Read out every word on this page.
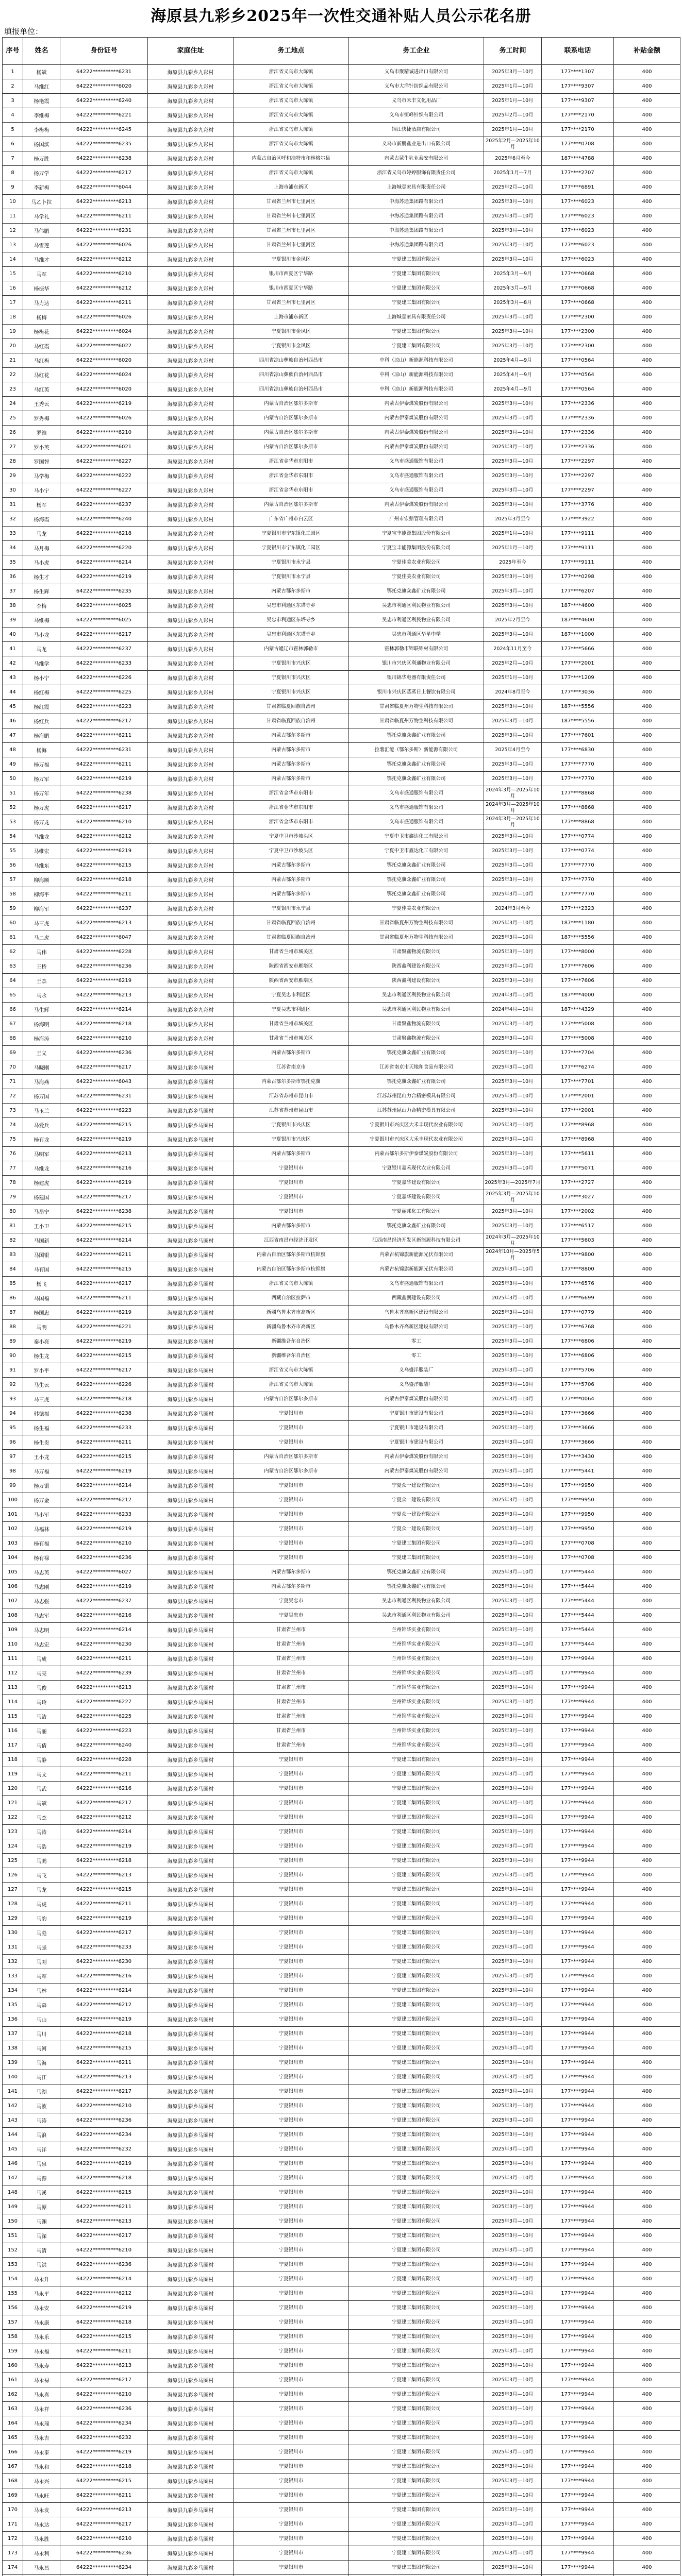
海原县九彩乡2025年一次性交通补贴人员公示花名册
填报单位：
序号	姓名	身份证号	家庭住址	务工地点	务工企业	务工时间	联系电话	补贴金额
1	杨斌	64222**********6231	海原县九彩乡九彩村	浙江省义乌市大陈镇	义乌市聚精诚进出口有限公司	2025年3月—10月	177****1307	400
2	马维红	64222**********6020	海原县九彩乡九彩村	浙江省义乌市大陈镇	义乌市大洋针纺织品有限公司	2025年1月—10月	177****9307	400
3	杨艳霞	64222**********6240	海原县九彩乡九彩村	浙江省义乌市大陈镇	义乌市禾丰文化用品厂	2025年1月—10月	177****9307	400
4	李维梅	64222**********6221	海原县九彩乡九彩村	浙江省义乌市大陈镇	义乌市恒峰针织有限公司	2025年2月—10月	177****2170	400
5	李梅梅	64222**********6245	海原县九彩乡九彩村	浙江省义乌市大陈镇	锦江快捷酒店有限公司	2025年1月—10月	177****2170	400
6	杨国滨	64222**********6235	海原县九彩乡九彩村	浙江省义乌市大陈镇	义乌市新鹏鑫业进出口有限公司	2025年2月—2025年10月	177****0708	400
7	杨万胜	64222**********6238	海原县九彩乡九彩村	内蒙古自治区呼和浩特市和林格尔县	内蒙古蒙牛乳业泰安有限公司	2025年6月至今	187****4788	400
8	杨万学	64222**********6217	海原县九彩乡九彩村	浙江省义乌市大陈镇	浙江省义乌市婷婷服饰有限责任公司	2025年1月—7月	177****2707	400
9	李新梅	64222**********6044	海原县九彩乡九彩村	上海市浦东新区	上海城壹家具有限责任公司	2025年2月—10月	177****6891	400
10	马乙卜拉	64222**********6213	海原县九彩乡九彩村	甘肃省兰州市七里河区	中海苏通集团路有限公司	2025年3月—10月	177****6023	400
11	马学礼	64222**********6211	海原县九彩乡九彩村	甘肃省兰州市七里河区	中海苏通集团路有限公司	2025年3月—10月	177****6023	400
12	马伟鹏	64222**********6231	海原县九彩乡九彩村	甘肃省兰州市七里河区	中海苏通集团路有限公司	2025年3月—10月	177****6023	400
13	马雪莲	64222**********6026	海原县九彩乡九彩村	甘肃省兰州市七里河区	中海苏通集团路有限公司	2025年3月—10月	177****6023	400
14	马维才	64222**********6212	海原县九彩乡九彩村	宁夏银川市金凤区	宁夏建工集团有限公司	2025年3月—10月	177****6023	400
15	马军	64222**********6210	海原县九彩乡九彩村	银川市西夏区宁华路	宁夏建工集团有限公司	2025年3月—9月	177****0668	400
16	杨振华	64222**********6212	海原县九彩乡九彩村	银川市西夏区宁华路	宁夏建工集团有限公司	2025年3月—9月	177****0668	400
17	马力达	64222**********6211	海原县九彩乡九彩村	甘肃省兰州市七里河区	宁夏建工集团有限公司	2025年3月—8月	177****0668	400
18	杨梅	64222**********6026	海原县九彩乡九彩村	上海市浦东新区	上海城壹家具有限责任公司	2025年3月—10月	177****2300	400
19	杨梅花	64222**********6024	海原县九彩乡九彩村	宁夏银川市金凤区	宁夏建工集团有限公司	2025年3月—10月	177****2300	400
20	马红霞	64222**********6022	海原县九彩乡九彩村	宁夏银川市金凤区	宁夏建工集团有限公司	2025年3月—10月	177****2300	400
21	马红梅	64222**********6020	海原县九彩乡九彩村	四川省凉山彝族自治州西昌市	中科（凉山）新能源科技有限公司	2025年4月—9月	177****0564	400
22	马红花	64222**********6024	海原县九彩乡九彩村	四川省凉山彝族自治州西昌市	中科（凉山）新能源科技有限公司	2025年4月—9月	177****0564	400
23	马红英	64222**********6020	海原县九彩乡九彩村	四川省凉山彝族自治州西昌市	中科（凉山）新能源科技有限公司	2025年4月—9月	177****0564	400
24	王秀云	64222**********6219	海原县九彩乡九彩村	内蒙古自治区鄂尔多斯市	内蒙古伊泰煤炭股份有限公司	2025年3月—10月	177****2336	400
25	罗秀梅	64222**********6026	海原县九彩乡九彩村	内蒙古自治区鄂尔多斯市	内蒙古伊泰煤炭股份有限公司	2025年3月—10月	177****2336	400
26	罗维	64222**********6210	海原县九彩乡九彩村	内蒙古自治区鄂尔多斯市	内蒙古伊泰煤炭股份有限公司	2025年3月—10月	177****2336	400
27	罗小英	64222**********6021	海原县九彩乡九彩村	内蒙古自治区鄂尔多斯市	内蒙古伊泰煤炭股份有限公司	2025年3月—10月	177****2336	400
28	罗国智	64222**********6227	海原县九彩乡九彩村	浙江省金华市东阳市	义乌市盛通服饰有限公司	2025年3月—10月	177****2297	400
29	马学梅	64222**********6222	海原县九彩乡九彩村	浙江省金华市东阳市	义乌市盛通服饰有限公司	2025年3月—10月	177****2297	400
30	马小宁	64222**********6227	海原县九彩乡九彩村	浙江省金华市东阳市	义乌市盛通服饰有限公司	2025年3月—10月	177****2297	400
31	杨军	64222**********6237	海原县九彩乡九彩村	内蒙古自治区鄂尔多斯市	内蒙古伊泰煤炭股份有限公司	2025年3月—10月	177****3776	400
32	杨海霞	64222**********6240	海原县九彩乡九彩村	广东省广州市白云区	广州市宏鼎管理有限公司	2025年3月至今	177****3922	400
33	马龙	64222**********6218	海原县九彩乡九彩村	宁夏银川市宁东镇化工园区	宁夏宝丰能源集团股份有限公司	2025年1月—10月	177****9111	400
34	马月梅	64222**********6220	海原县九彩乡九彩村	宁夏银川市宁东镇化工园区	宁夏宝丰能源集团股份有限公司	2025年1月—10月	177****9111	400
35	马小虎	64222**********6214	海原县九彩乡九彩村	宁夏银川市永宁县	宁夏佳美农业有限公司	2025年至今	177****9111	400
36	杨生才	64222**********6219	海原县九彩乡九彩村	宁夏银川市永宁县	宁夏佳美农业有限公司	2025年3月—10月	177****0298	400
37	杨生辉	64222**********6235	海原县九彩乡九彩村	内蒙古鄂尔多斯市	鄂托克旗众鑫矿业有限公司	2025年3月—10月	177****6207	400
38	李梅	64222**********6025	海原县九彩乡九彩村	吴忠市利通区东塔寺乡	吴忠市利通区利民物业有限公司	2025年3月—10月	187****4600	400
39	马维梅	64222**********6025	海原县九彩乡九彩村	吴忠市利通区东塔寺乡	吴忠市利通区利民物业有限公司	2025年2月至今	187****4600	400
40	马小龙	64222**********6217	海原县九彩乡九彩村	吴忠市利通区东塔寺乡	吴忠市利通区华星中学	2025年3月—10月	187****1000	400
41	马龙	64222**********6237	海原县九彩乡九彩村	内蒙古通辽市霍林郭勒市	霍林郭勒市锦联铝材有限公司	2024年11月至今	177****5666	400
42	马维学	64222**********6233	海原县九彩乡九彩村	宁夏银川市兴庆区	银川市兴庆区利通物业有限公司	2025年2月—10月	177****2001	400
43	杨小宁	64222**********6226	海原县九彩乡九彩村	宁夏银川市兴庆区	银川锦华电器有限责任公司	2025年1月—10月	177****1209	400
44	杨红梅	64222**********6225	海原县九彩乡九彩村	宁夏银川市兴庆区	银川市兴庆区蒸蒸日上餐饮有限公司	2024年8月至今	177****3036	400
45	杨红霞	64222**********6223	海原县九彩乡九彩村	甘肃省临夏回族自治州	甘肃省临夏州万物生科技有限公司	2025年3月—10月	187****5556	400
46	杨红兵	64222**********6217	海原县九彩乡九彩村	甘肃省临夏回族自治州	甘肃省临夏州万物生科技有限公司	2025年3月—10月	187****5556	400
47	杨海鹏	64222**********6211	海原县九彩乡九彩村	内蒙古鄂尔多斯市	鄂托克旗众鑫矿业有限公司	2025年3月—10月	177****7601	400
48	杨海	64222**********6231	海原县九彩乡九彩村	内蒙古鄂尔多斯市	拉薯汇能（鄂尔多斯）新能源有限公司	2025年4月至今	177****6830	400
49	杨万福	64222**********6211	海原县九彩乡九彩村	内蒙古鄂尔多斯市	鄂托克旗众鑫矿业有限公司	2025年3月—10月	177****7770	400
50	杨万军	64222**********6219	海原县九彩乡九彩村	内蒙古鄂尔多斯市	鄂托克旗众鑫矿业有限公司	2025年3月—10月	177****7770	400
51	杨万年	64222**********6238	海原县九彩乡九彩村	浙江省金华市东阳市	义乌市盛通服饰有限公司	2024年3月—2025年10月	177****8868	400
52	杨万虎	64222**********6217	海原县九彩乡九彩村	浙江省金华市东阳市	义乌市盛通服饰有限公司	2024年3月—2025年10月	177****8868	400
53	杨万龙	64222**********6210	海原县九彩乡九彩村	浙江省金华市东阳市	义乌市盛通服饰有限公司	2024年3月—2025年10月	177****8868	400
54	马维龙	64222**********6212	海原县九彩乡九彩村	宁夏中卫市沙坡头区	宁夏中卫市鑫达化工有限公司	2025年3月—10月	177****0774	400
55	马维宏	64222**********6219	海原县九彩乡九彩村	宁夏中卫市沙坡头区	宁夏中卫市鑫达化工有限公司	2025年3月—10月	177****0774	400
56	马维东	64222**********6215	海原县九彩乡九彩村	内蒙古鄂尔多斯市	鄂托克旗众鑫矿业有限公司	2025年3月—10月	177****7770	400
57	柳海顺	64222**********6218	海原县九彩乡九彩村	内蒙古鄂尔多斯市	鄂托克旗众鑫矿业有限公司	2025年3月—10月	177****7770	400
58	柳海平	64222**********6211	海原县九彩乡九彩村	内蒙古鄂尔多斯市	鄂托克旗众鑫矿业有限公司	2025年3月—10月	177****7770	400
59	柳海军	64222**********6237	海原县九彩乡九彩村	宁夏银川市永宁县	宁夏佳美农业有限公司	2024年3月至今	177****2323	400
60	马三虎	64222**********6213	海原县九彩乡九彩村	甘肃省临夏回族自治州	甘肃省临夏州万物生科技有限公司	2025年3月—10月	187****1180	400
61	马二虎	64222**********6047	海原县九彩乡九彩村	甘肃省临夏回族自治州	甘肃省临夏州万物生科技有限公司	2025年3月—10月	187****5556	400
62	马伟	64222**********6228	海原县九彩乡九彩村	甘肃省兰州市城关区	甘肃聚鑫物流有限公司	2025年3月—10月	177****8000	400
63	王桥	64222**********6236	海原县九彩乡九彩村	陕西省西安市雁塔区	陕西鑫利建设有限公司	2025年3月—10月	177****7606	400
64	王杰	64222**********6219	海原县九彩乡九彩村	陕西省西安市雁塔区	陕西鑫利建设有限公司	2025年3月—10月	177****7606	400
65	马永	64222**********6213	海原县九彩乡九彩村	宁夏吴忠市利通区	吴忠市利通区利民物业有限公司	2024年3月—10月	187****4000	400
66	马生辉	64222**********6214	海原县九彩乡九彩村	宁夏吴忠市利通区	吴忠市利通区利民物业有限公司	2024年4月—10月	187****4329	400
67	杨海明	64222**********6218	海原县九彩乡九彩村	甘肃省兰州市城关区	甘肃聚鑫物流有限公司	2025年3月—10月	177****5008	400
68	杨海涛	64222**********6210	海原县九彩乡九彩村	甘肃省兰州市城关区	甘肃聚鑫物流有限公司	2025年3月—10月	177****5008	400
69	王义	64222**********6236	海原县九彩乡九彩村	内蒙古鄂尔多斯市	鄂托克旗众鑫矿业有限公司	2025年3月—10月	177****7704	400
70	马晓刚	64222**********6217	海原县九彩乡马圈村	江苏省南京市	江苏省南京市天地和食品有限公司	2025年3月—10月	177****6274	400
71	马海燕	64222**********6043	海原县九彩乡马圈村	内蒙古鄂尔多斯市鄂托克旗	鄂托克旗众鑫矿业有限公司	2025年3月—10月	177****7701	400
72	杨万国	64222**********6231	海原县九彩乡马圈村	江苏省苏州市昆山市	江苏苏州昆山力合精密模具有限公司	2025年3月—10月	177****2001	400
73	马玉兰	64222**********6223	海原县九彩乡马圈村	江苏省苏州市昆山市	江苏苏州昆山力合精密模具有限公司	2025年3月—10月	177****2001	400
74	马爱兵	64222**********6215	海原县九彩乡马圈村	宁夏银川市兴庆区	宁夏银川市兴庆区大禾丰现代农业有限公司	2025年3月—10月	177****8968	400
75	杨有龙	64222**********6219	海原县九彩乡马圈村	宁夏银川市兴庆区	宁夏银川市兴庆区大禾丰现代农业有限公司	2025年3月—10月	177****8968	400
76	马明军	64222**********6213	海原县九彩乡马圈村	内蒙古鄂尔多斯市	内蒙古鄂尔多斯伊泰煤炭股份有限公司	2025年3月—10月	177****5611	400
77	马维龙	64222**********6216	海原县九彩乡马圈村	宁夏银川市	宁夏银川嘉禾现代农业有限公司	2025年3月—10月	177****5071	400
78	杨建虎	64222**********6219	海原县九彩乡马圈村	宁夏银川市	宁夏嘉华建设有限公司	2025年3月—2025年7月	177****2727	400
79	杨建国	64222**********6217	海原县九彩乡马圈村	宁夏银川市	宁夏嘉华建设有限公司	2025年3月—2025年10月	177****3027	400
80	马昂宁	64222**********6238	海原县九彩乡马圈村	宁夏银川市	宁夏丽邦化工有限公司	2025年3月—10月	177****2002	400
81	王小卫	64222**********6215	海原县九彩乡马圈村	内蒙古鄂尔多斯市	鄂托克旗众鑫矿业有限公司	2025年3月—10月	177****6517	400
82	马国新	64222**********6214	海原县九彩乡马圈村	江西省南昌市经济开发区	江西南昌经济开发区新能源科技有限公司	2024年3月—2025年10月	177****5603	400
83	马国银	64222**********6211	海原县九彩乡马圈村	内蒙古自治区鄂尔多斯市杭锦旗	内蒙古杭锦旗新能源光伏有限公司	2024年10月—2025年5月	177****9800	400
84	马有国	64222**********6215	海原县九彩乡马圈村	内蒙古自治区鄂尔多斯市杭锦旗	内蒙古杭锦旗新能源光伏有限公司	2025年3月—10月	177****8800	400
85	杨飞	64222**********6217	海原县九彩乡马圈村	浙江省义乌市大陈镇	义乌市盛通服饰有限公司	2025年3月—10月	177****6576	400
86	马国福	64222**********6211	海原县九彩乡马圈村	西藏自治区拉萨市	西藏鑫鹏建设有限公司	2025年3月—10月	177****6699	400
87	杨国忠	64222**********6219	海原县九彩乡马圈村	新疆乌鲁木齐市高新区	乌鲁木齐高新区建设有限公司	2025年3月—10月	177****0779	400
88	马明	64222**********6221	海原县九彩乡马圈村	新疆乌鲁木齐市高新区	乌鲁木齐高新区建设有限公司	2025年3月—10月	177****6768	400
89	秦小亮	64222**********6219	海原县九彩乡马圈村	新疆维吾尔自治区	零工	2025年3月—10月	177****6806	400
90	杨生龙	64222**********6215	海原县九彩乡马圈村	新疆维吾尔自治区	零工	2025年3月—10月	177****6806	400
91	罗小平	64222**********6217	海原县九彩乡马圈村	浙江省义乌市大陈镇	义乌盛洋服装厂	2025年3月—10月	177****5706	400
92	马生云	64222**********6226	海原县九彩乡马圈村	浙江省义乌市大陈镇	义乌盛洋服装厂	2025年3月—10月	177****5706	400
93	马三虎	64222**********6218	海原县九彩乡马圈村	内蒙古自治区鄂尔多斯市	内蒙古伊泰煤炭股份有限公司	2025年3月—10月	177****0064	400
94	韩德福	64222**********6238	海原县九彩乡马圈村	宁夏银川市	宁夏银川市建设有限公司	2025年3月—10月	177****3666	400
95	杨生福	64222**********6233	海原县九彩乡马圈村	宁夏银川市	宁夏银川市建设有限公司	2025年3月—10月	177****3666	400
96	杨生贵	64222**********6211	海原县九彩乡马圈村	宁夏银川市	宁夏银川市建设有限公司	2025年3月—10月	177****3666	400
97	王小龙	64222**********6215	海原县九彩乡马圈村	内蒙古自治区鄂尔多斯市	内蒙古伊泰煤炭股份有限公司	2025年3月—10月	177****3430	400
98	马万福	64222**********6219	海原县九彩乡马圈村	内蒙古自治区鄂尔多斯市	内蒙古伊泰煤炭股份有限公司	2025年3月—10月	177****5441	400
99	杨万银	64222**********6214	海原县九彩乡马圈村	宁夏银川市	宁夏众一建设有限公司	2025年3月—10月	177****9950	400
100	杨万金	64222**********6212	海原县九彩乡马圈村	宁夏银川市	宁夏众一建设有限公司	2025年3月—10月	177****9950	400
101	马小军	64222**********6233	海原县九彩乡马圈村	宁夏银川市	宁夏众一建设有限公司	2025年3月—10月	177****9950	400
102	马福林	64222**********6219	海原县九彩乡马圈村	宁夏银川市	宁夏众一建设有限公司	2025年3月—10月	177****9950	400
103	杨有福	64222**********6210	海原县九彩乡马圈村	宁夏银川市	宁夏建工集团有限公司	2025年3月—10月	177****0708	400
104	杨有禄	64222**********6236	海原县九彩乡马圈村	宁夏银川市	宁夏建工集团有限公司	2025年3月—10月	177****0708	400
105	马志英	64222**********6027	海原县九彩乡马圈村	内蒙古鄂尔多斯市	鄂托克旗众鑫矿业有限公司	2025年3月—10月	177****5444	400
106	马志刚	64222**********6219	海原县九彩乡马圈村	内蒙古鄂尔多斯市	鄂托克旗众鑫矿业有限公司	2025年3月—10月	177****5444	400
107	马志强	64222**********6237	海原县九彩乡马圈村	宁夏吴忠市	吴忠市利通区利民物业有限公司	2025年3月—10月	177****5444	400
108	马志军	64222**********6216	海原县九彩乡马圈村	宁夏吴忠市	吴忠市利通区利民物业有限公司	2025年3月—10月	177****5444	400
109	马志明	64222**********6214	海原县九彩乡马圈村	甘肃省兰州市	兰州锦华实业有限公司	2025年3月—10月	177****5444	400
110	马志宏	64222**********6230	海原县九彩乡马圈村	甘肃省兰州市	兰州锦华实业有限公司	2025年3月—10月	177****5444	400
111	马成	64222**********6211	海原县九彩乡马圈村	甘肃省兰州市	兰州锦华实业有限公司	2025年3月—10月	177****9944	400
112	马亮	64222**********6239	海原县九彩乡马圈村	甘肃省兰州市	兰州锦华实业有限公司	2025年3月—10月	177****9944	400
113	马俊	64222**********6213	海原县九彩乡马圈村	甘肃省兰州市	兰州锦华实业有限公司	2025年3月—10月	177****9944	400
114	马玲	64222**********6227	海原县九彩乡马圈村	甘肃省兰州市	兰州锦华实业有限公司	2025年3月—10月	177****9944	400
115	马洁	64222**********6225	海原县九彩乡马圈村	甘肃省兰州市	兰州锦华实业有限公司	2025年3月—10月	177****9944	400
116	马丽	64222**********6223	海原县九彩乡马圈村	甘肃省兰州市	兰州锦华实业有限公司	2025年3月—10月	177****9944	400
117	马倩	64222**********6240	海原县九彩乡马圈村	甘肃省兰州市	兰州锦华实业有限公司	2025年3月—10月	177****9944	400
118	马静	64222**********6228	海原县九彩乡马圈村	宁夏银川市	宁夏建工集团有限公司	2025年3月—10月	177****9944	400
119	马文	64222**********6211	海原县九彩乡马圈村	宁夏银川市	宁夏建工集团有限公司	2025年3月—10月	177****9944	400
120	马武	64222**********6216	海原县九彩乡马圈村	宁夏银川市	宁夏建工集团有限公司	2025年3月—10月	177****9944	400
121	马斌	64222**********6217	海原县九彩乡马圈村	宁夏银川市	宁夏建工集团有限公司	2025年3月—10月	177****9944	400
122	马杰	64222**********6212	海原县九彩乡马圈村	宁夏银川市	宁夏建工集团有限公司	2025年3月—10月	177****9944	400
123	马涛	64222**********6214	海原县九彩乡马圈村	宁夏银川市	宁夏建工集团有限公司	2025年3月—10月	177****9944	400
124	马浩	64222**********6219	海原县九彩乡马圈村	宁夏银川市	宁夏建工集团有限公司	2025年3月—10月	177****9944	400
125	马鹏	64222**********6218	海原县九彩乡马圈村	宁夏银川市	宁夏建工集团有限公司	2025年3月—10月	177****9944	400
126	马飞	64222**********6213	海原县九彩乡马圈村	宁夏银川市	宁夏建工集团有限公司	2025年3月—10月	177****9944	400
127	马龙	64222**********6215	海原县九彩乡马圈村	宁夏银川市	宁夏建工集团有限公司	2025年3月—10月	177****9944	400
128	马虎	64222**********6211	海原县九彩乡马圈村	宁夏银川市	宁夏建工集团有限公司	2025年3月—10月	177****9944	400
129	马豹	64222**********6219	海原县九彩乡马圈村	宁夏银川市	宁夏建工集团有限公司	2025年3月—10月	177****9944	400
130	马彪	64222**********6217	海原县九彩乡马圈村	宁夏银川市	宁夏建工集团有限公司	2025年3月—10月	177****9944	400
131	马强	64222**********6233	海原县九彩乡马圈村	宁夏银川市	宁夏建工集团有限公司	2025年3月—10月	177****9944	400
132	马刚	64222**********6230	海原县九彩乡马圈村	宁夏银川市	宁夏建工集团有限公司	2025年3月—10月	177****9944	400
133	马军	64222**********6216	海原县九彩乡马圈村	宁夏银川市	宁夏建工集团有限公司	2025年3月—10月	177****9944	400
134	马林	64222**********6214	海原县九彩乡马圈村	宁夏银川市	宁夏建工集团有限公司	2025年3月—10月	177****9944	400
135	马森	64222**********6212	海原县九彩乡马圈村	宁夏银川市	宁夏建工集团有限公司	2025年3月—10月	177****9944	400
136	马山	64222**********6219	海原县九彩乡马圈村	宁夏银川市	宁夏建工集团有限公司	2025年3月—10月	177****9944	400
137	马川	64222**********6218	海原县九彩乡马圈村	宁夏银川市	宁夏建工集团有限公司	2025年3月—10月	177****9944	400
138	马河	64222**********6215	海原县九彩乡马圈村	宁夏银川市	宁夏建工集团有限公司	2025年3月—10月	177****9944	400
139	马海	64222**********6211	海原县九彩乡马圈村	宁夏银川市	宁夏建工集团有限公司	2025年3月—10月	177****9944	400
140	马江	64222**********6213	海原县九彩乡马圈村	宁夏银川市	宁夏建工集团有限公司	2025年3月—10月	177****9944	400
141	马湖	64222**********6217	海原县九彩乡马圈村	宁夏银川市	宁夏建工集团有限公司	2025年3月—10月	177****9944	400
142	马波	64222**********6210	海原县九彩乡马圈村	宁夏银川市	宁夏建工集团有限公司	2025年3月—10月	177****9944	400
143	马涛	64222**********6236	海原县九彩乡马圈村	宁夏银川市	宁夏建工集团有限公司	2025年3月—10月	177****9944	400
144	马浪	64222**********6234	海原县九彩乡马圈村	宁夏银川市	宁夏建工集团有限公司	2025年3月—10月	177****9944	400
145	马洋	64222**********6232	海原县九彩乡马圈村	宁夏银川市	宁夏建工集团有限公司	2025年3月—10月	177****9944	400
146	马泉	64222**********6219	海原县九彩乡马圈村	宁夏银川市	宁夏建工集团有限公司	2025年3月—10月	177****9944	400
147	马源	64222**********6218	海原县九彩乡马圈村	宁夏银川市	宁夏建工集团有限公司	2025年3月—10月	177****9944	400
148	马溪	64222**********6215	海原县九彩乡马圈村	宁夏银川市	宁夏建工集团有限公司	2025年3月—10月	177****9944	400
149	马潭	64222**********6211	海原县九彩乡马圈村	宁夏银川市	宁夏建工集团有限公司	2025年3月—10月	177****9944	400
150	马渊	64222**********6213	海原县九彩乡马圈村	宁夏银川市	宁夏建工集团有限公司	2025年3月—10月	177****9944	400
151	马深	64222**********6217	海原县九彩乡马圈村	宁夏银川市	宁夏建工集团有限公司	2025年3月—10月	177****9944	400
152	马清	64222**********6210	海原县九彩乡马圈村	宁夏银川市	宁夏建工集团有限公司	2025年3月—10月	177****9944	400
153	马洪	64222**********6236	海原县九彩乡马圈村	宁夏银川市	宁夏建工集团有限公司	2025年3月—10月	177****9944	400
154	马永升	64222**********6214	海原县九彩乡马圈村	宁夏银川市	宁夏建工集团有限公司	2025年3月—10月	177****9944	400
155	马永平	64222**********6212	海原县九彩乡马圈村	宁夏银川市	宁夏建工集团有限公司	2025年3月—10月	177****9944	400
156	马永安	64222**********6219	海原县九彩乡马圈村	宁夏银川市	宁夏建工集团有限公司	2025年3月—10月	177****9944	400
157	马永康	64222**********6218	海原县九彩乡马圈村	宁夏银川市	宁夏建工集团有限公司	2025年3月—10月	177****9944	400
158	马永乐	64222**********6215	海原县九彩乡马圈村	宁夏银川市	宁夏建工集团有限公司	2025年3月—10月	177****9944	400
159	马永福	64222**********6211	海原县九彩乡马圈村	宁夏银川市	宁夏建工集团有限公司	2025年3月—10月	177****9944	400
160	马永寿	64222**********6213	海原县九彩乡马圈村	宁夏银川市	宁夏建工集团有限公司	2025年3月—10月	177****9944	400
161	马永禄	64222**********6217	海原县九彩乡马圈村	宁夏银川市	宁夏建工集团有限公司	2025年3月—10月	177****9944	400
162	马永喜	64222**********6210	海原县九彩乡马圈村	宁夏银川市	宁夏建工集团有限公司	2025年3月—10月	177****9944	400
163	马永祥	64222**********6236	海原县九彩乡马圈村	宁夏银川市	宁夏建工集团有限公司	2025年3月—10月	177****9944	400
164	马永瑞	64222**********6234	海原县九彩乡马圈村	宁夏银川市	宁夏建工集团有限公司	2025年3月—10月	177****9944	400
165	马永吉	64222**********6232	海原县九彩乡马圈村	宁夏银川市	宁夏建工集团有限公司	2025年3月—10月	177****9944	400
166	马永泰	64222**********6219	海原县九彩乡马圈村	宁夏银川市	宁夏建工集团有限公司	2025年3月—10月	177****9944	400
167	马永和	64222**********6218	海原县九彩乡马圈村	宁夏银川市	宁夏建工集团有限公司	2025年3月—10月	177****9944	400
168	马永兴	64222**********6215	海原县九彩乡马圈村	宁夏银川市	宁夏建工集团有限公司	2025年3月—10月	177****9944	400
169	马永旺	64222**********6211	海原县九彩乡马圈村	宁夏银川市	宁夏建工集团有限公司	2025年3月—10月	177****9944	400
170	马永发	64222**********6213	海原县九彩乡马圈村	宁夏银川市	宁夏建工集团有限公司	2025年3月—10月	177****9944	400
171	马永达	64222**********6217	海原县九彩乡马圈村	宁夏银川市	宁夏建工集团有限公司	2025年3月—10月	177****9944	400
172	马永胜	64222**********6210	海原县九彩乡马圈村	宁夏银川市	宁夏建工集团有限公司	2025年3月—10月	177****9944	400
173	马永利	64222**********6236	海原县九彩乡马圈村	宁夏银川市	宁夏建工集团有限公司	2025年3月—10月	177****9944	400
174	马永昌	64222**********6234	海原县九彩乡马圈村	宁夏银川市	宁夏建工集团有限公司	2025年3月—10月	177****9944	400
